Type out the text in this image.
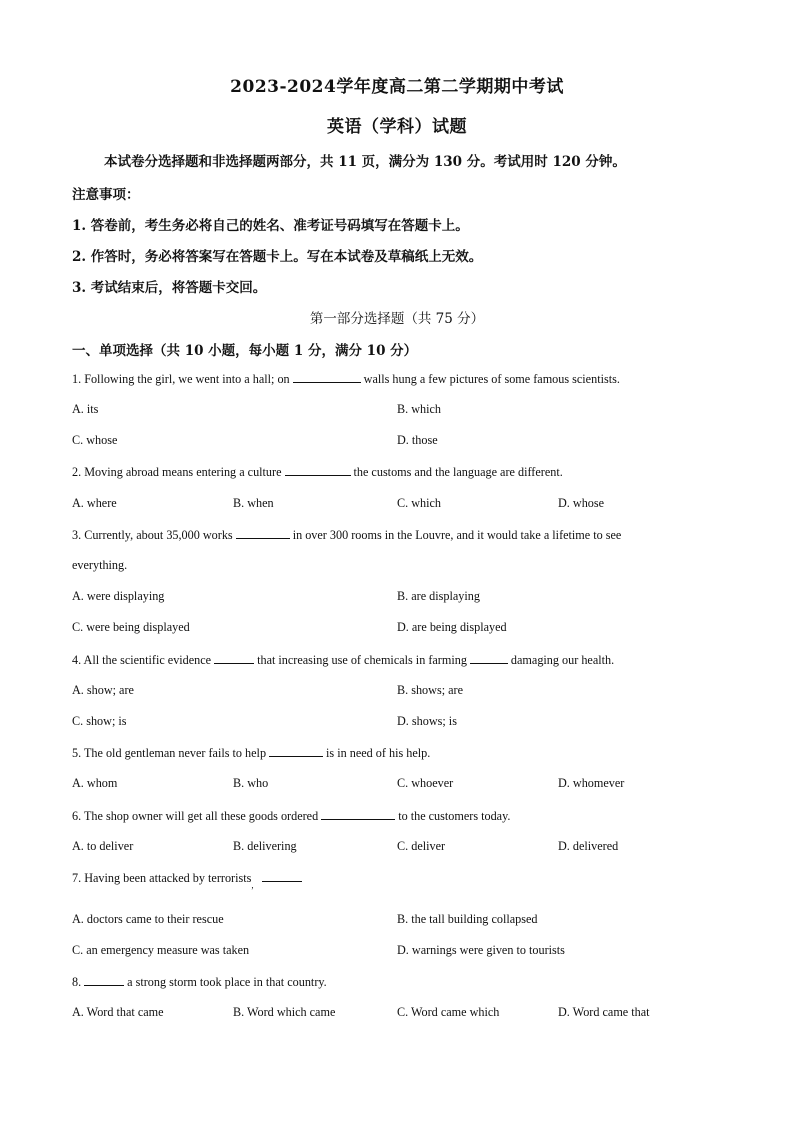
2023-2024学年度高二第二学期期中考试
英语（学科）试题
本试卷分选择题和非选择题两部分，共 11 页，满分为 130 分。考试用时 120 分钟。
注意事项：
1. 答卷前，考生务必将自己的姓名、准考证号码填写在答题卡上。
2. 作答时，务必将答案写在答题卡上。写在本试卷及草稿纸上无效。
3. 考试结束后，将答题卡交回。
第一部分选择题（共 75 分）
一、单项选择（共 10 小题，每小题 1 分，满分 10 分）
1. Following the girl, we went into a hall; on	walls hung a few pictures of some famous scientists.
A. its	B. which
C. whose	D. those
2. Moving abroad means entering a culture	the customs and the language are different.
A. where	B. when	C. which	D. whose
3. Currently, about 35,000 works	in over 300 rooms in the Louvre, and it would take a lifetime to see
everything.
A. were displaying	B. are displaying
C. were being displayed	D. are being displayed
4. All the scientific evidence	that increasing use of chemicals in farming	damaging our health.
A. show; are	B. shows; are
C. show; is	D. shows; is
5. The old gentleman never fails to help	is in need of his help.
A. whom	B. who	C. whoever	D. whomever
6. The shop owner will get all these goods ordered	to the customers today.
A. to deliver	B. delivering	C. deliver	D. delivered
7. Having been attacked by terrorists,
A. doctors came to their rescue	B. the tall building collapsed
C. an emergency measure was taken	D. warnings were given to tourists
8.	a strong storm took place in that country.
A. Word that came	B. Word which came	C. Word came which	D. Word came that
